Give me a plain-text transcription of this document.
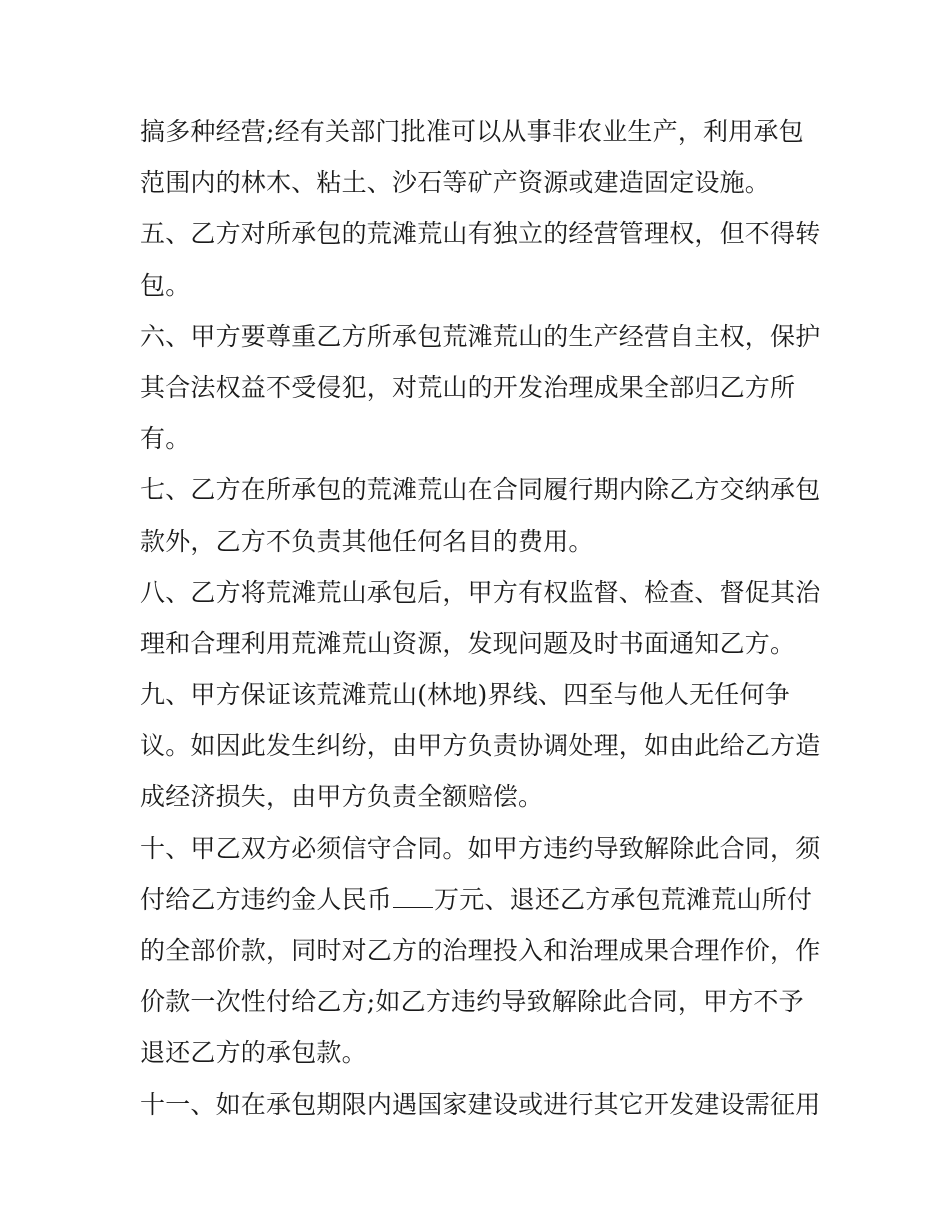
搞多种经营;经有关部门批准可以从事非农业生产，利用承包
范围内的林木、粘土、沙石等矿产资源或建造固定设施。
五、乙方对所承包的荒滩荒山有独立的经营管理权，但不得转
包。
六、甲方要尊重乙方所承包荒滩荒山的生产经营自主权，保护
其合法权益不受侵犯，对荒山的开发治理成果全部归乙方所
有。
七、乙方在所承包的荒滩荒山在合同履行期内除乙方交纳承包
款外，乙方不负责其他任何名目的费用。
八、乙方将荒滩荒山承包后，甲方有权监督、检查、督促其治
理和合理利用荒滩荒山资源，发现问题及时书面通知乙方。
九、甲方保证该荒滩荒山(林地)界线、四至与他人无任何争
议。如因此发生纠纷，由甲方负责协调处理，如由此给乙方造
成经济损失，由甲方负责全额赔偿。
十、甲乙双方必须信守合同。如甲方违约导致解除此合同，须
付给乙方违约金人民币 万元、退还乙方承包荒滩荒山所付
的全部价款，同时对乙方的治理投入和治理成果合理作价，作
价款一次性付给乙方;如乙方违约导致解除此合同，甲方不予
退还乙方的承包款。
十一、如在承包期限内遇国家建设或进行其它开发建设需征用
